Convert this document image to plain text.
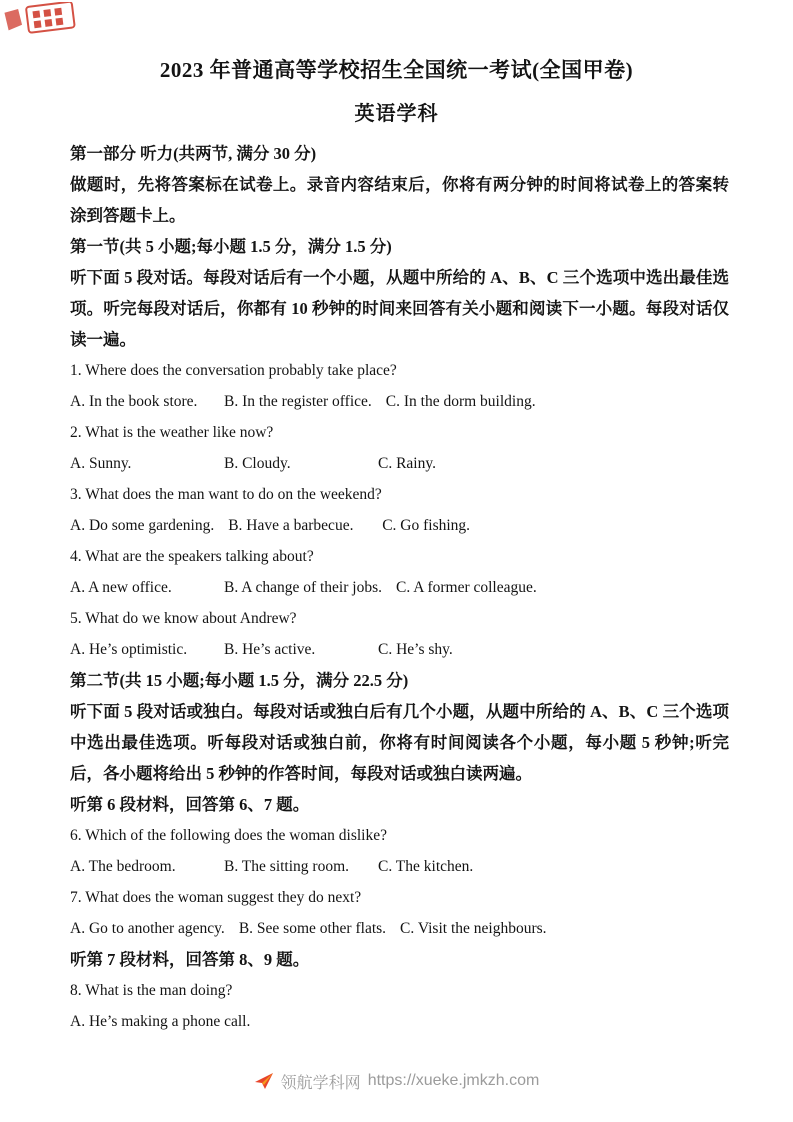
2023 年普通高等学校招生全国统一考试(全国甲卷)
英语学科

第一部分 听力(共两节, 满分 30 分)

做题时，先将答案标在试卷上。录音内容结束后，你将有两分钟的时间将试卷上的答案转涂到答题卡上。

第一节(共 5 小题;每小题 1.5 分，满分 1.5 分)

听下面 5 段对话。每段对话后有一个小题，从题中所给的 A、B、C 三个选项中选出最佳选项。听完每段对话后，你都有 10 秒钟的时间来回答有关小题和阅读下一小题。每段对话仅读一遍。

1. Where does the conversation probably take place?

A. In the book store. B. In the register office. C. In the dorm building.

2. What is the weather like now?

A. Sunny.	B. Cloudy.	C. Rainy.

3. What does the man want to do on the weekend?

A. Do some gardening. B. Have a barbecue. C. Go fishing.

4. What are the speakers talking about?

A. A new office.	B. A change of their jobs. C. A former colleague.

5. What do we know about Andrew?

A. He’s optimistic. B. He’s active.	C. He’s shy.

第二节(共 15 小题;每小题 1.5 分，满分 22.5 分)

听下面 5 段对话或独白。每段对话或独白后有几个小题，从题中所给的 A、B、C 三个选项中选出最佳选项。听每段对话或独白前，你将有时间阅读各个小题，每小题 5 秒钟;听完后，各小题将给出 5 秒钟的作答时间，每段对话或独白读两遍。

听第 6 段材料，回答第 6、7 题。

6. Which of the following does the woman dislike?

A. The bedroom.	B. The sitting room. C. The kitchen.

7. What does the woman suggest they do next?

A. Go to another agency. B. See some other flats. C. Visit the neighbours.

听第 7 段材料，回答第 8、9 题。

8. What is the man doing?

A. He’s making a phone call.

领航学科网 https://xueke.jmkzh.com
